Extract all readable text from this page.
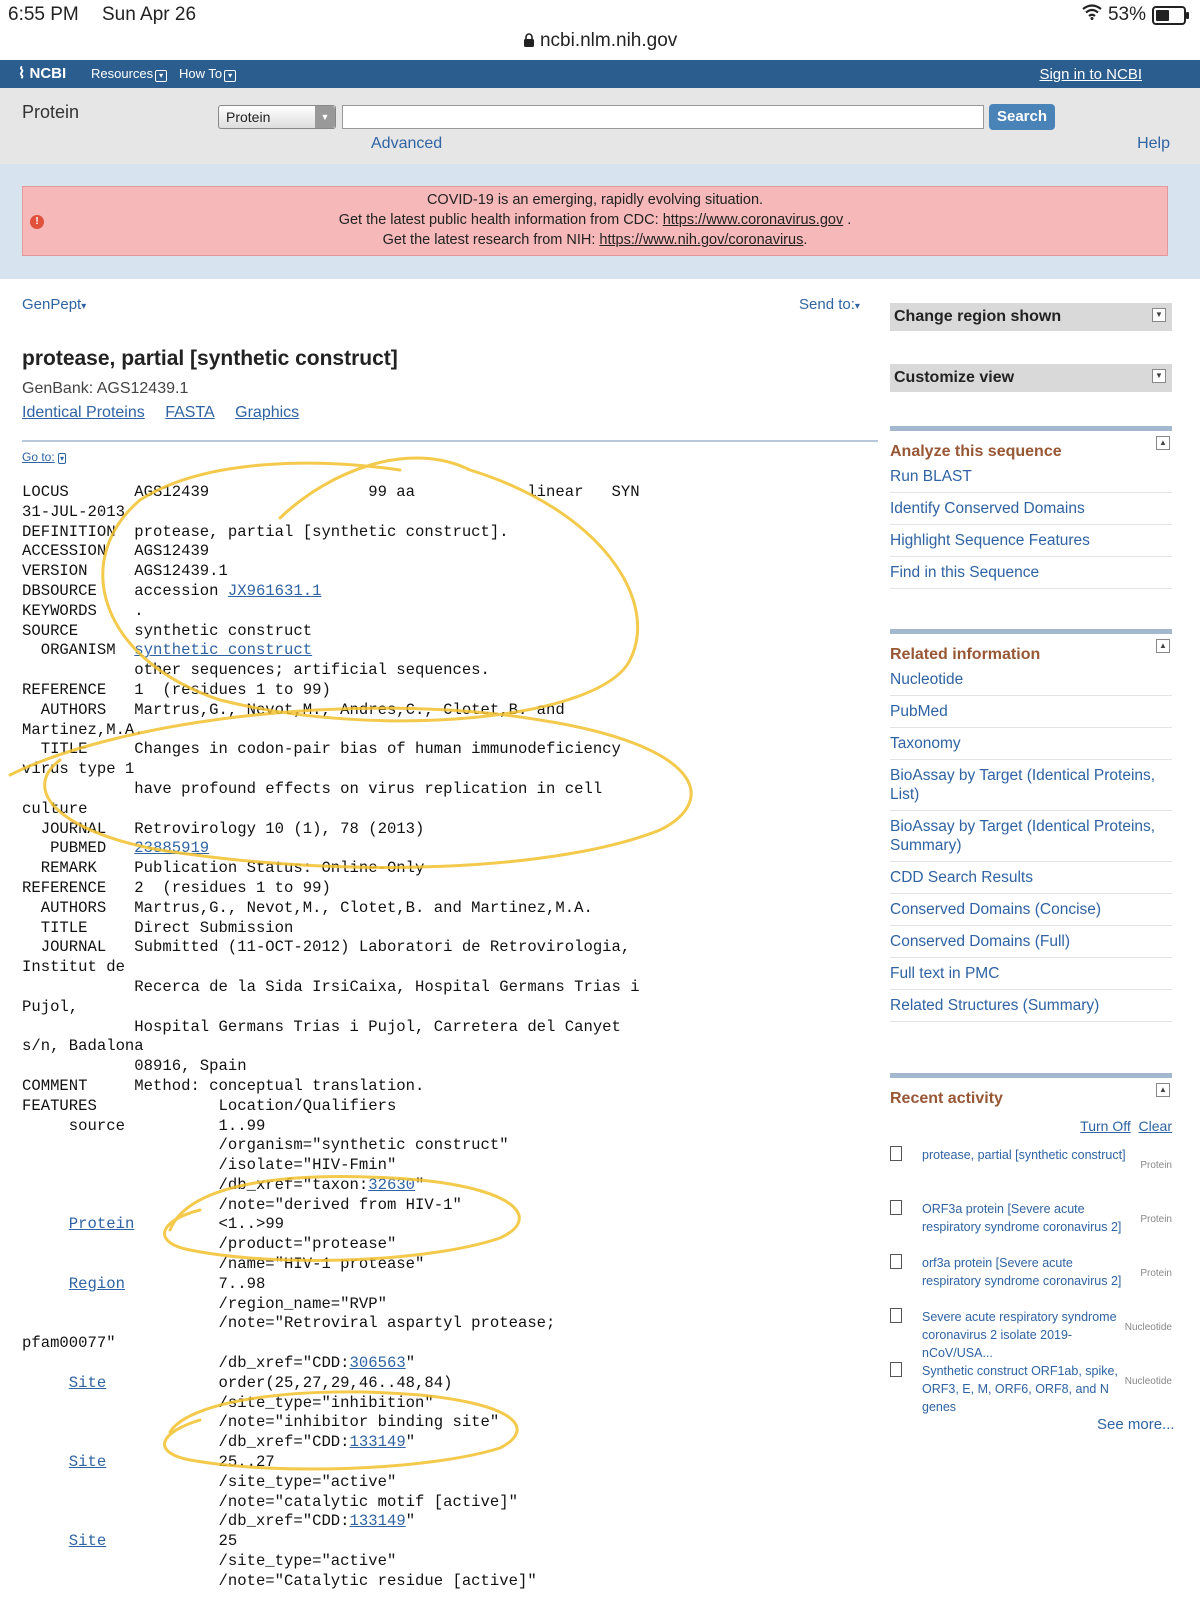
6:55 PM Sun Apr 26	53%
ncbi.nlm.nih.gov
⌇ NCBI Resources ▾	How To ▾	Sign in to NCBI
Protein	Protein	▼	Search
Advanced	Help
!
COVID-19 is an emerging, rapidly evolving situation.
Get the latest public health information from CDC: https://www.coronavirus.gov .
Get the latest research from NIH: https://www.nih.gov/coronavirus.
GenPept▾	Send to:▾
protease, partial [synthetic construct]
GenBank: AGS12439.1
Identical Proteins FASTA Graphics
Go to: ▾
LOCUS       AGS12439                 99 aa            linear   SYN
31-JUL-2013
DEFINITION  protease, partial [synthetic construct].
ACCESSION   AGS12439
VERSION     AGS12439.1
DBSOURCE    accession JX961631.1
KEYWORDS    .
SOURCE      synthetic construct
ORGANISM  synthetic construct
other sequences; artificial sequences.
REFERENCE   1  (residues 1 to 99)
AUTHORS   Martrus,G., Nevot,M., Andres,C., Clotet,B. and
Martinez,M.A.
TITLE     Changes in codon-pair bias of human immunodeficiency
virus type 1
have profound effects on virus replication in cell
culture
JOURNAL   Retrovirology 10 (1), 78 (2013)
PUBMED   23885919
REMARK    Publication Status: Online-Only
REFERENCE   2  (residues 1 to 99)
AUTHORS   Martrus,G., Nevot,M., Clotet,B. and Martinez,M.A.
TITLE     Direct Submission
JOURNAL   Submitted (11-OCT-2012) Laboratori de Retrovirologia,
Institut de
Recerca de la Sida IrsiCaixa, Hospital Germans Trias i
Pujol,
Hospital Germans Trias i Pujol, Carretera del Canyet
s/n, Badalona
08916, Spain
COMMENT     Method: conceptual translation.
FEATURES             Location/Qualifiers
source          1..99
/organism="synthetic construct"
/isolate="HIV-Fmin"
/db_xref="taxon:32630"
/note="derived from HIV-1"
Protein         <1..>99
/product="protease"
/name="HIV-1 protease"
Region          7..98
/region_name="RVP"
/note="Retroviral aspartyl protease;
pfam00077"
/db_xref="CDD:306563"
Site            order(25,27,29,46..48,84)
/site_type="inhibition"
/note="inhibitor binding site"
/db_xref="CDD:133149"
Site            25..27
/site_type="active"
/note="catalytic motif [active]"
/db_xref="CDD:133149"
Site            25
/site_type="active"
/note="Catalytic residue [active]"

Change region shown	▼
Customize view	▼
▲
Analyze this sequence
Run BLAST
Identify Conserved Domains
Highlight Sequence Features
Find in this Sequence
▲
Related information
Nucleotide
PubMed
Taxonomy
BioAssay by Target (Identical Proteins, List)
BioAssay by Target (Identical Proteins, Summary)
CDD Search Results
Conserved Domains (Concise)
Conserved Domains (Full)
Full text in PMC
Related Structures (Summary)
▲
Recent activity
Turn Off Clear
protease, partial [synthetic construct]
Protein
ORF3a protein [Severe acute respiratory syndrome coronavirus 2]
Protein
orf3a protein [Severe acute respiratory syndrome coronavirus 2]
Protein
Severe acute respiratory syndrome coronavirus 2 isolate 2019-nCoV/USA...
Nucleotide
Synthetic construct ORF1ab, spike, ORF3, E, M, ORF6, ORF8, and N genes
Nucleotide
See more...
